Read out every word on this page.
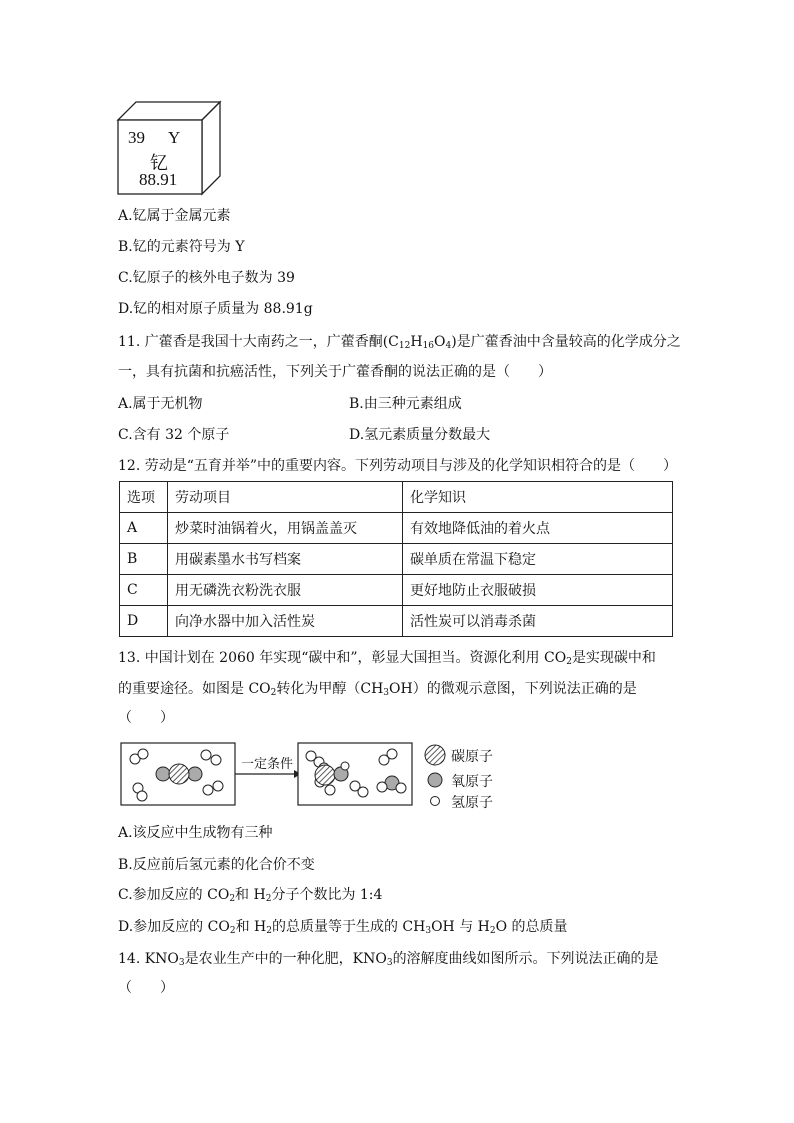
39 Y
钇
88.91
A.钇属于金属元素
B.钇的元素符号为 Y
C.钇原子的核外电子数为 39
D.钇的相对原子质量为 88.91g
11. 广藿香是我国十大南药之一，广藿香酮$(C_{12}H_{16}O_4)$是广藿香油中含量较高的化学成分之
一，具有抗菌和抗癌活性，下列关于广藿香酮的说法正确的是（　　）
A.属于无机物	B.由三种元素组成
C.含有 32 个原子	D.氢元素质量分数最大
12. 劳动是“五育并举”中的重要内容。下列劳动项目与涉及的化学知识相符合的是（　　）
选项	劳动项目	化学知识
A	炒菜时油锅着火，用锅盖盖灭	有效地降低油的着火点
B	用碳素墨水书写档案	碳单质在常温下稳定
C	用无磷洗衣粉洗衣服	更好地防止衣服破损
D	向净水器中加入活性炭	活性炭可以消毒杀菌
13. 中国计划在 2060 年实现“碳中和”，彰显大国担当。资源化利用 $CO_2$是实现碳中和
的重要途径。如图是 $CO_2$转化为甲醇$(CH_3OH)$的微观示意图，下列说法正确的是
（　　）
一定条件	碳原子
氧原子
氢原子
A.该反应中生成物有三种
B.反应前后氢元素的化合价不变
C.参加反应的 $CO_2$和 $H_2$分子个数比为 1:4
D.参加反应的 $CO_2$和 $H_2$的总质量等于生成的 $CH_3OH$ 与 $H_2O$ 的总质量
14. $KNO_3$是农业生产中的一种化肥，$KNO_3$的溶解度曲线如图所示。下列说法正确的是
（　　）
